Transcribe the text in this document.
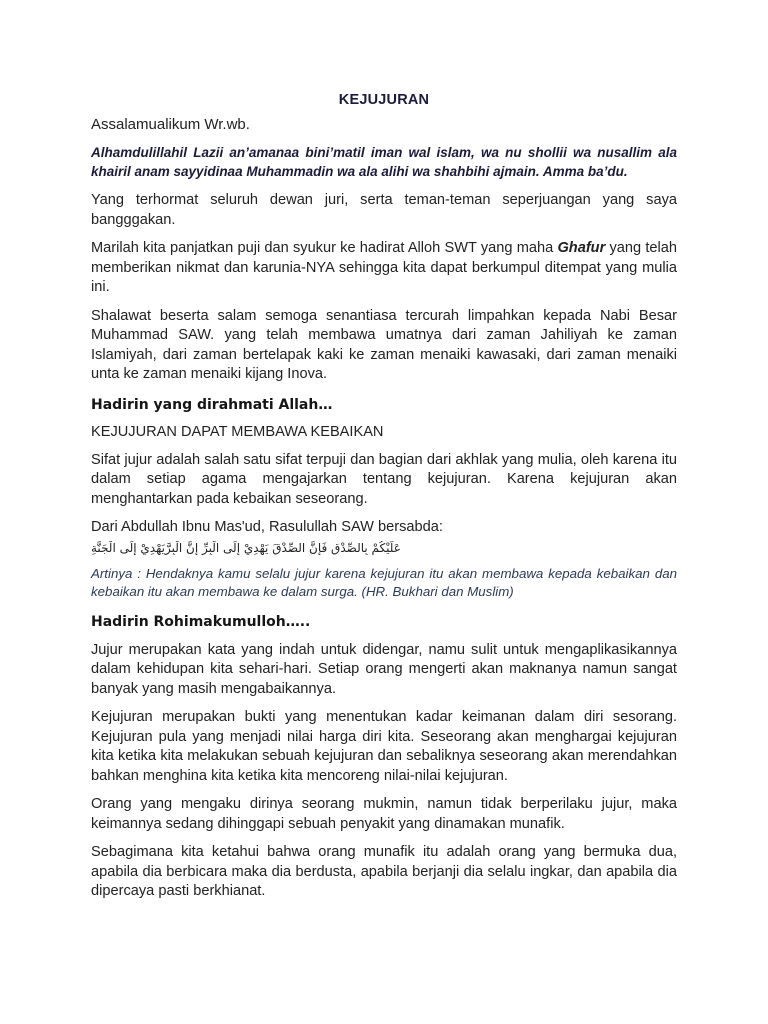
KEJUJURAN
Assalamualikum Wr.wb.
Alhamdulillahil Lazii an’amanaa bini’matil iman wal islam, wa nu shollii wa nusallim ala khairil anam sayyidinaa Muhammadin wa ala alihi wa shahbihi ajmain. Amma ba’du.

Yang terhormat seluruh dewan juri, serta teman-teman seperjuangan yang saya bangggakan.

Marilah kita panjatkan puji dan syukur ke hadirat Alloh SWT yang maha Ghafur yang telah memberikan nikmat dan karunia-NYA sehingga kita dapat berkumpul ditempat yang mulia ini.

Shalawat beserta salam semoga senantiasa tercurah limpahkan kepada Nabi Besar Muhammad SAW. yang telah membawa umatnya dari zaman Jahiliyah ke zaman Islamiyah, dari zaman bertelapak kaki ke zaman menaiki kawasaki, dari zaman menaiki unta ke zaman menaiki kijang Inova.

Hadirin yang dirahmati Allah…
KEJUJURAN DAPAT MEMBAWA KEBAIKAN

Sifat jujur adalah salah satu sifat terpuji dan bagian dari akhlak yang mulia, oleh karena itu dalam setiap agama mengajarkan tentang kejujuran. Karena kejujuran akan menghantarkan pada kebaikan seseorang.

Dari Abdullah Ibnu Mas'ud, Rasulullah SAW bersabda:

عَلَيْكُمْ بِالصِّدْقِ فَإِنَّ الصِّدْقَ يَهْدِيْ إِلَى الْبِرِّ إِنَّ الْبِرَّيَهْدِيْ إِلَى الْجَنَّةِ
Artinya : Hendaknya kamu selalu jujur karena kejujuran itu akan membawa kepada kebaikan dan kebaikan itu akan membawa ke dalam surga. (HR. Bukhari dan Muslim)
Hadirin Rohimakumulloh…..

Jujur merupakan kata yang indah untuk didengar, namu sulit untuk mengaplikasikannya dalam kehidupan kita sehari-hari. Setiap orang mengerti akan maknanya namun sangat banyak yang masih mengabaikannya.

Kejujuran merupakan bukti yang menentukan kadar keimanan dalam diri sesorang. Kejujuran pula yang menjadi nilai harga diri kita. Seseorang akan menghargai kejujuran kita ketika kita melakukan sebuah kejujuran dan sebaliknya seseorang akan merendahkan bahkan menghina kita ketika kita mencoreng nilai-nilai kejujuran.

Orang yang mengaku dirinya seorang mukmin, namun tidak berperilaku jujur, maka keimannya sedang dihinggapi sebuah penyakit yang dinamakan munafik.

Sebagimana kita ketahui bahwa orang munafik itu adalah orang yang bermuka dua, apabila dia berbicara maka dia berdusta, apabila berjanji dia selalu ingkar, dan apabila dia dipercaya pasti berkhianat.
